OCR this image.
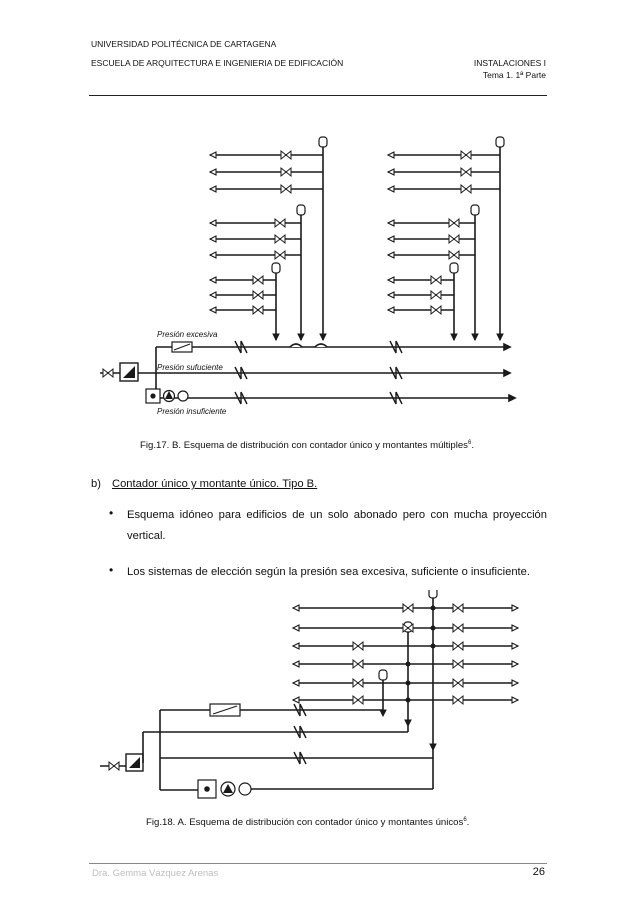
UNIVERSIDAD POLITÉCNICA DE CARTAGENA
ESCUELA DE ARQUITECTURA E INGENIERIA DE EDIFICACIÓN	INSTALACIONES I
Tema 1. 1ª Parte
Presión excesiva
Presión sufuciente
Presión insuficiente
Fig.17. B. Esquema de distribución con contador único y montantes múltiples$^6$.
b) Contador único y montante único. Tipo B.
• Esquema idóneo para edificios de un solo abonado pero con mucha proyección vertical.
• Los sistemas de elección según la presión sea excesiva, suficiente o insuficiente.
Fig.18. A. Esquema de distribución con contador único y montantes únicos$^6$.
Dra. Gemma Vázquez Arenas	26
